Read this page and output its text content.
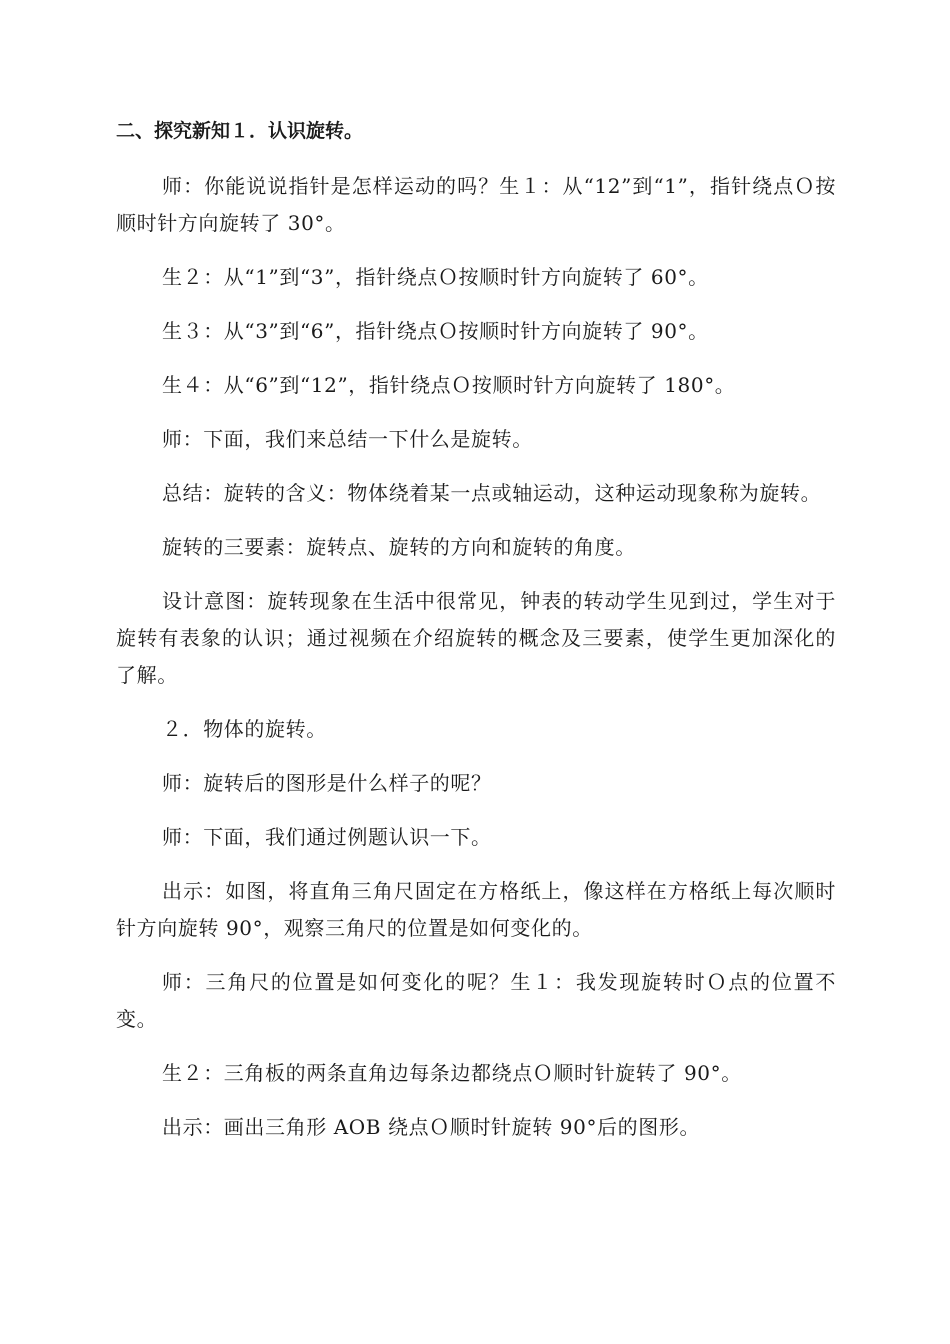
二、探究新知１．认识旋转。

师：你能说说指针是怎样运动的吗？生１：从“12”到“1”，指针绕点Ｏ按顺时针方向旋转了 30°。

生２：从“1”到“3”，指针绕点Ｏ按顺时针方向旋转了 60°。

生３：从“3”到“6”，指针绕点Ｏ按顺时针方向旋转了 90°。

生４：从“6”到“12”，指针绕点Ｏ按顺时针方向旋转了 180°。

师：下面，我们来总结一下什么是旋转。

总结：旋转的含义：物体绕着某一点或轴运动，这种运动现象称为旋转。

旋转的三要素：旋转点、旋转的方向和旋转的角度。

设计意图：旋转现象在生活中很常见，钟表的转动学生见到过，学生对于旋转有表象的认识；通过视频在介绍旋转的概念及三要素，使学生更加深化的了解。

２．物体的旋转。

师：旋转后的图形是什么样子的呢？

师：下面，我们通过例题认识一下。

出示：如图，将直角三角尺固定在方格纸上，像这样在方格纸上每次顺时针方向旋转 90°，观察三角尺的位置是如何变化的。

师：三角尺的位置是如何变化的呢？生１：我发现旋转时Ｏ点的位置不变。

生２：三角板的两条直角边每条边都绕点Ｏ顺时针旋转了 90°。

出示：画出三角形 AOB 绕点Ｏ顺时针旋转 90°后的图形。
